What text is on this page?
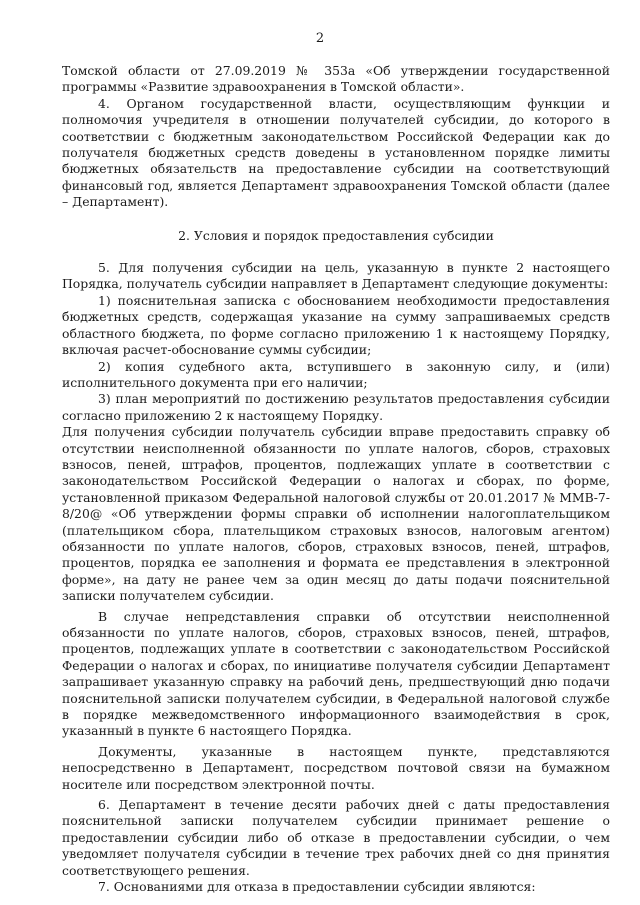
2

Томской области от 27.09.2019 № 353а «Об утверждении государственной программы «Развитие здравоохранения в Томской области».

4. Органом государственной власти, осуществляющим функции и полномочия учредителя в отношении получателей субсидии, до которого в соответствии с бюджетным законодательством Российской Федерации как до получателя бюджетных средств доведены в установленном порядке лимиты бюджетных обязательств на предоставление субсидии на соответствующий финансовый год, является Департамент здравоохранения Томской области (далее – Департамент).

2. Условия и порядок предоставления субсидии

5. Для получения субсидии на цель, указанную в пункте 2 настоящего Порядка, получатель субсидии направляет в Департамент следующие документы:

1) пояснительная записка с обоснованием необходимости предоставления бюджетных средств, содержащая указание на сумму запрашиваемых средств областного бюджета, по форме согласно приложению 1 к настоящему Порядку, включая расчет-обоснование суммы субсидии;

2) копия судебного акта, вступившего в законную силу, и (или) исполнительного документа при его наличии;

3) план мероприятий по достижению результатов предоставления субсидии согласно приложению 2 к настоящему Порядку.

Для получения субсидии получатель субсидии вправе предоставить справку об отсутствии неисполненной обязанности по уплате налогов, сборов, страховых взносов, пеней, штрафов, процентов, подлежащих уплате в соответствии с законодательством Российской Федерации о налогах и сборах, по форме, установленной приказом Федеральной налоговой службы от 20.01.2017 № ММВ-7-8/20@ «Об утверждении формы справки об исполнении налогоплательщиком (плательщиком сбора, плательщиком страховых взносов, налоговым агентом) обязанности по уплате налогов, сборов, страховых взносов, пеней, штрафов, процентов, порядка ее заполнения и формата ее представления в электронной форме», на дату не ранее чем за один месяц до даты подачи пояснительной записки получателем субсидии.

В случае непредставления справки об отсутствии неисполненной обязанности по уплате налогов, сборов, страховых взносов, пеней, штрафов, процентов, подлежащих уплате в соответствии с законодательством Российской Федерации о налогах и сборах, по инициативе получателя субсидии Департамент запрашивает указанную справку на рабочий день, предшествующий дню подачи пояснительной записки получателем субсидии, в Федеральной налоговой службе в порядке межведомственного информационного взаимодействия в срок, указанный в пункте 6 настоящего Порядка.

Документы, указанные в настоящем пункте, представляются непосредственно в Департамент, посредством почтовой связи на бумажном носителе или посредством электронной почты.

6. Департамент в течение десяти рабочих дней с даты предоставления пояснительной записки получателем субсидии принимает решение о предоставлении субсидии либо об отказе в предоставлении субсидии, о чем уведомляет получателя субсидии в течение трех рабочих дней со дня принятия соответствующего решения.

7. Основаниями для отказа в предоставлении субсидии являются:
